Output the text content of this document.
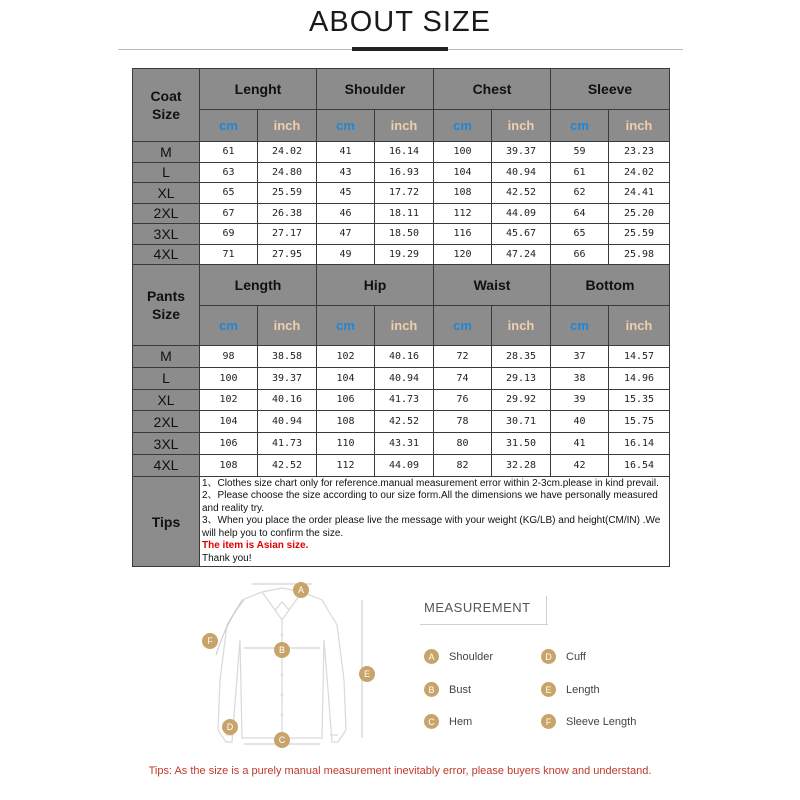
ABOUT SIZE
Coat
Size	Lenght		Shoulder		Chest		Sleeve	
	cm	inch	cm	inch	cm	inch	cm	inch
M	61	24.02	41	16.14	100	39.37	59	23.23
L	63	24.80	43	16.93	104	40.94	61	24.02
XL	65	25.59	45	17.72	108	42.52	62	24.41
2XL	67	26.38	46	18.11	112	44.09	64	25.20
3XL	69	27.17	47	18.50	116	45.67	65	25.59
4XL	71	27.95	49	19.29	120	47.24	66	25.98

Pants
Size	Length		Hip		Waist		Bottom	
	cm	inch	cm	inch	cm	inch	cm	inch
M	98	38.58	102	40.16	72	28.35	37	14.57
L	100	39.37	104	40.94	74	29.13	38	14.96
XL	102	40.16	106	41.73	76	29.92	39	15.35
2XL	104	40.94	108	42.52	78	30.71	40	15.75
3XL	106	41.73	110	43.31	80	31.50	41	16.14
4XL	108	42.52	112	44.09	82	32.28	42	16.54
Tips	1、Clothes size chart only for reference.manual measurement error within 2-3cm.please in kind prevail.
2、Please choose the size according to our size form.All the dimensions we have personally measured and reality try.
3、When you place the order please live the message with your weight (KG/LB) and height(CM/IN) .We will help you to confirm the size.
The item is Asian size.
Thank you!							
A
B
C
D
E
F
MEASUREMENT
A	Shoulder
B	Bust
C	Hem
D	Cuff
E	Length
F	Sleeve Length
Tips: As the size is a purely manual measurement inevitably error, please buyers know and understand.
